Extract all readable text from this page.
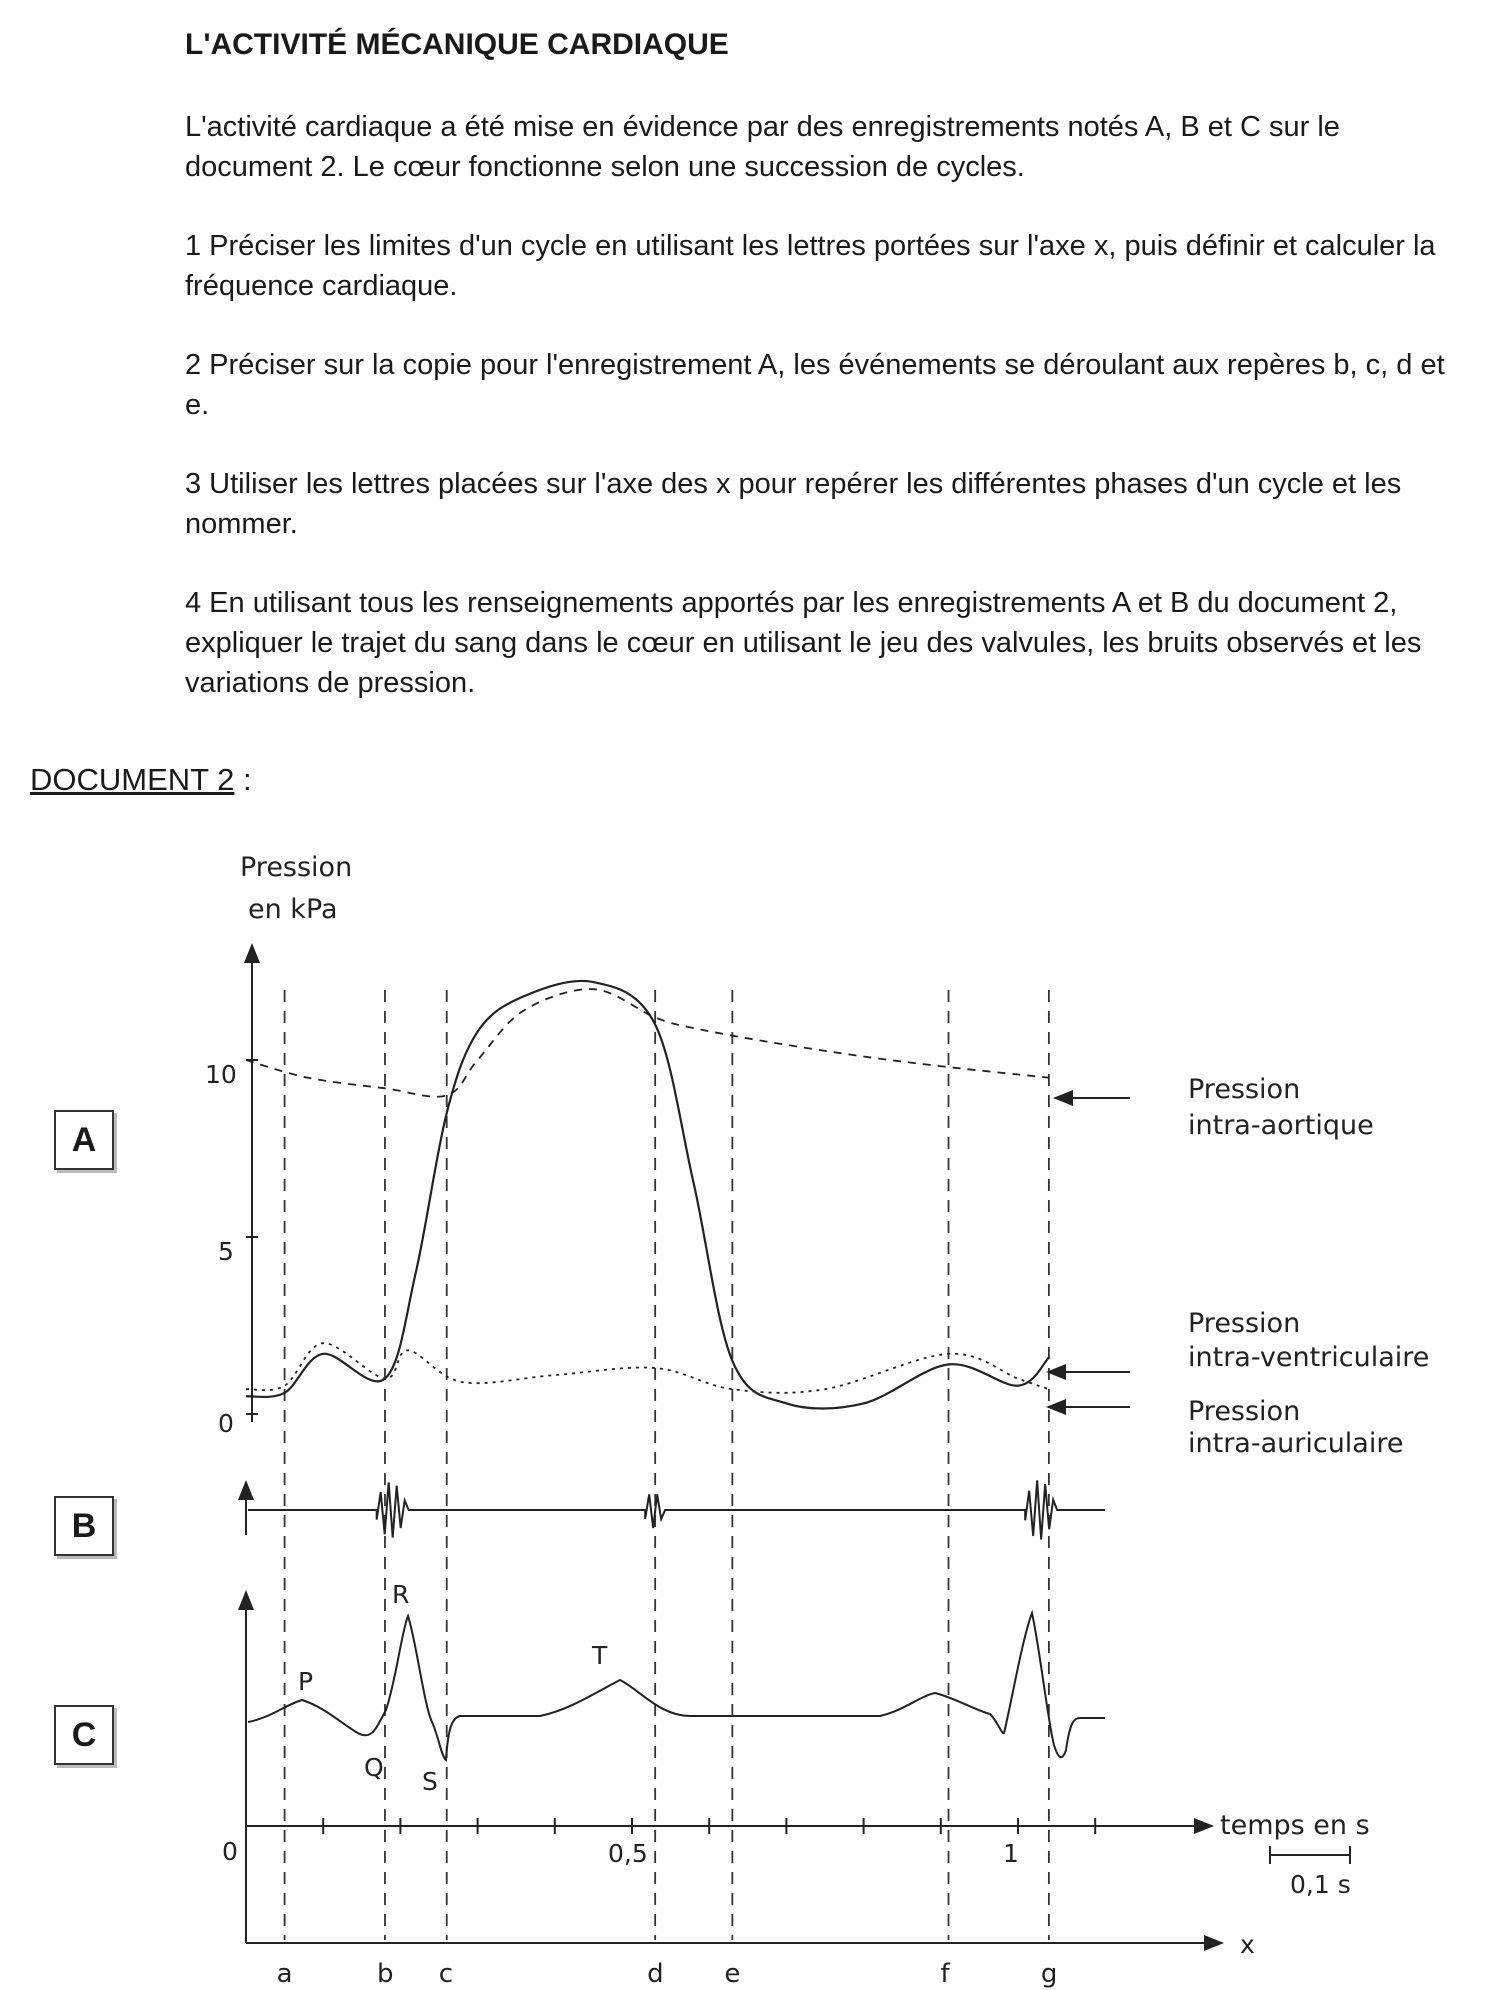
L'ACTIVITÉ MÉCANIQUE CARDIAQUE

L'activité cardiaque a été mise en évidence par des enregistrements notés A, B et C sur le document 2. Le cœur fonctionne selon une succession de cycles.

1 Préciser les limites d'un cycle en utilisant les lettres portées sur l'axe x, puis définir et calculer la fréquence cardiaque.

2 Préciser sur la copie pour l'enregistrement A, les événements se déroulant aux repères b, c, d et e.

3 Utiliser les lettres placées sur l'axe des x pour repérer les différentes phases d'un cycle et les nommer.

4 En utilisant tous les renseignements apportés par les enregistrements A et B du document 2, expliquer le trajet du sang dans le cœur en utilisant le jeu des valvules, les bruits observés et les variations de pression.

DOCUMENT 2 :
A
B
C
Pression
en kPa
10
5
0
Pression
intra-aortique
Pression
intra-ventriculaire
Pression
intra-auriculaire
P
Q
R
S
T
0	0,5	1
temps en s
0,1 s
x
a	b c	d e	f	g
